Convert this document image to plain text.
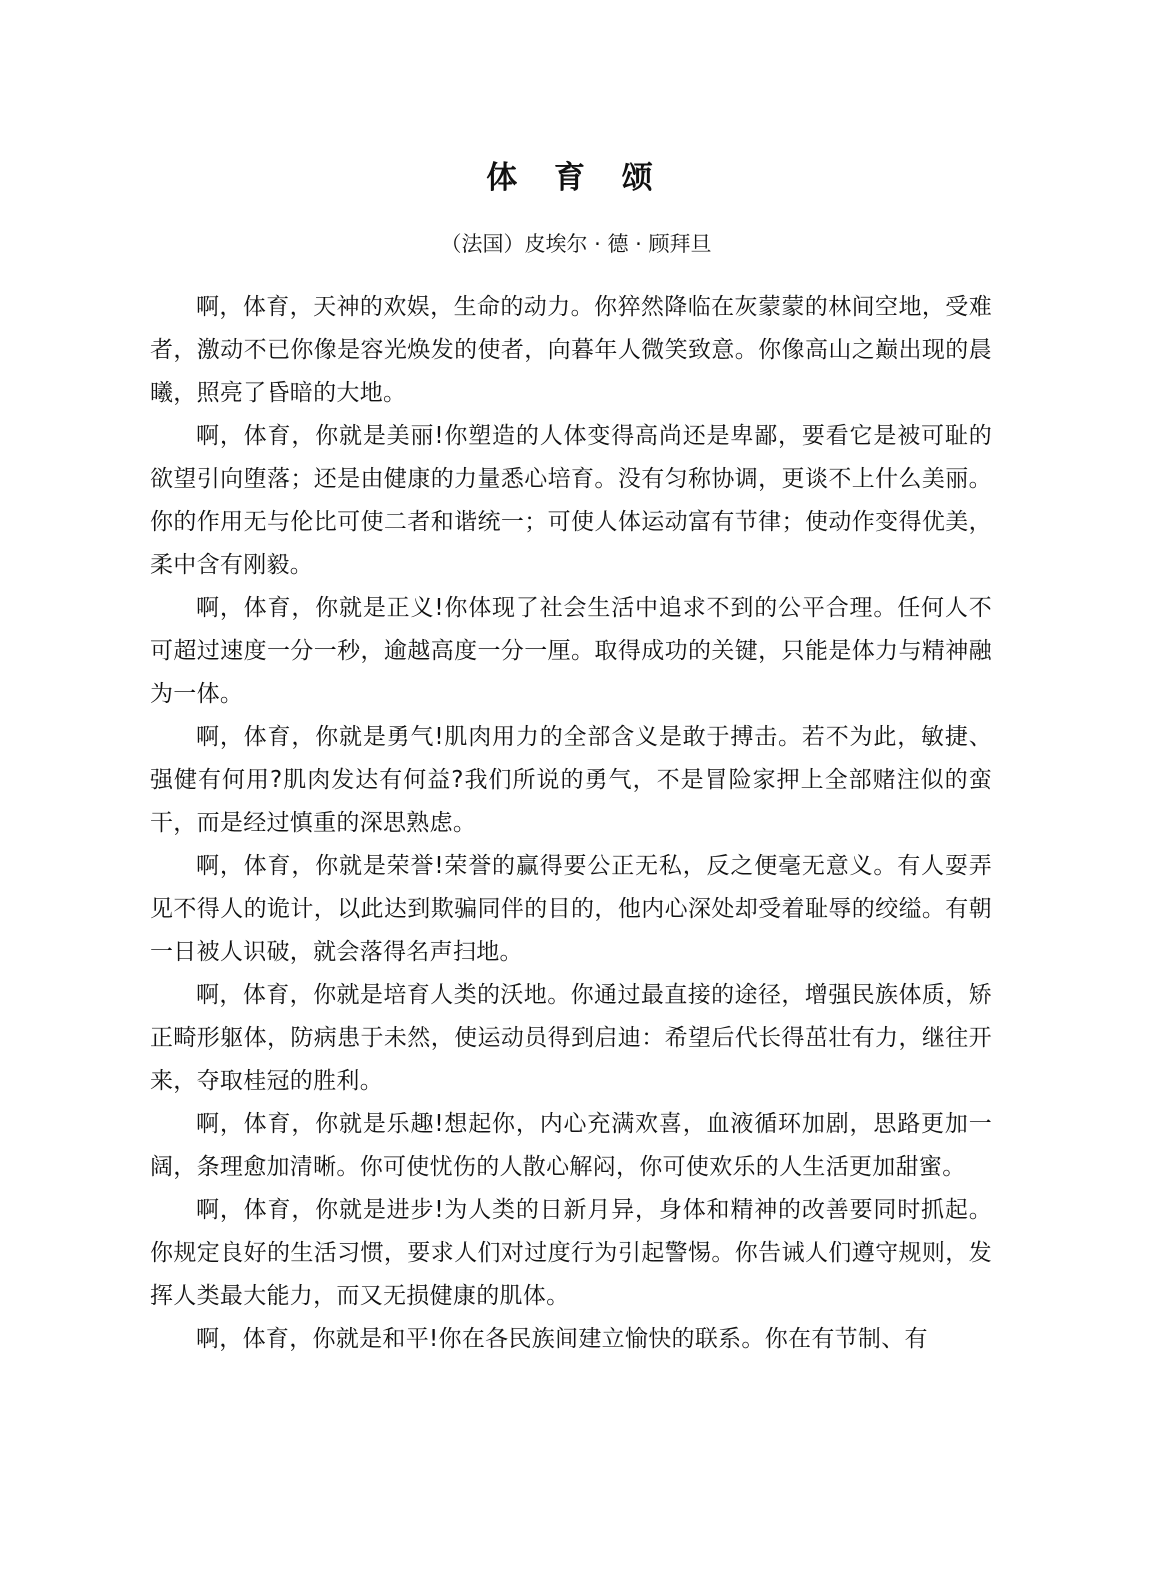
体 育 颂

（法国）皮埃尔 · 德 · 顾拜旦

啊，体育，天神的欢娱，生命的动力。你猝然降临在灰蒙蒙的林间空地，受难者，激动不已你像是容光焕发的使者，向暮年人微笑致意。你像高山之巅出现的晨曦，照亮了昏暗的大地。

啊，体育，你就是美丽!你塑造的人体变得高尚还是卑鄙，要看它是被可耻的欲望引向堕落；还是由健康的力量悉心培育。没有匀称协调，更谈不上什么美丽。你的作用无与伦比可使二者和谐统一；可使人体运动富有节律；使动作变得优美，柔中含有刚毅。

啊，体育，你就是正义!你体现了社会生活中追求不到的公平合理。任何人不可超过速度一分一秒，逾越高度一分一厘。取得成功的关键，只能是体力与精神融为一体。

啊，体育，你就是勇气!肌肉用力的全部含义是敢于搏击。若不为此，敏捷、强健有何用?肌肉发达有何益?我们所说的勇气，不是冒险家押上全部赌注似的蛮干，而是经过慎重的深思熟虑。

啊，体育，你就是荣誉!荣誉的赢得要公正无私，反之便毫无意义。有人耍弄见不得人的诡计，以此达到欺骗同伴的目的，他内心深处却受着耻辱的绞缢。有朝一日被人识破，就会落得名声扫地。

啊，体育，你就是培育人类的沃地。你通过最直接的途径，增强民族体质，矫正畸形躯体，防病患于未然，使运动员得到启迪：希望后代长得茁壮有力，继往开来，夺取桂冠的胜利。

啊，体育，你就是乐趣!想起你，内心充满欢喜，血液循环加剧，思路更加一阔，条理愈加清晰。你可使忧伤的人散心解闷，你可使欢乐的人生活更加甜蜜。

啊，体育，你就是进步!为人类的日新月异，身体和精神的改善要同时抓起。你规定良好的生活习惯，要求人们对过度行为引起警惕。你告诫人们遵守规则，发挥人类最大能力，而又无损健康的肌体。

啊，体育，你就是和平!你在各民族间建立愉快的联系。你在有节制、有
